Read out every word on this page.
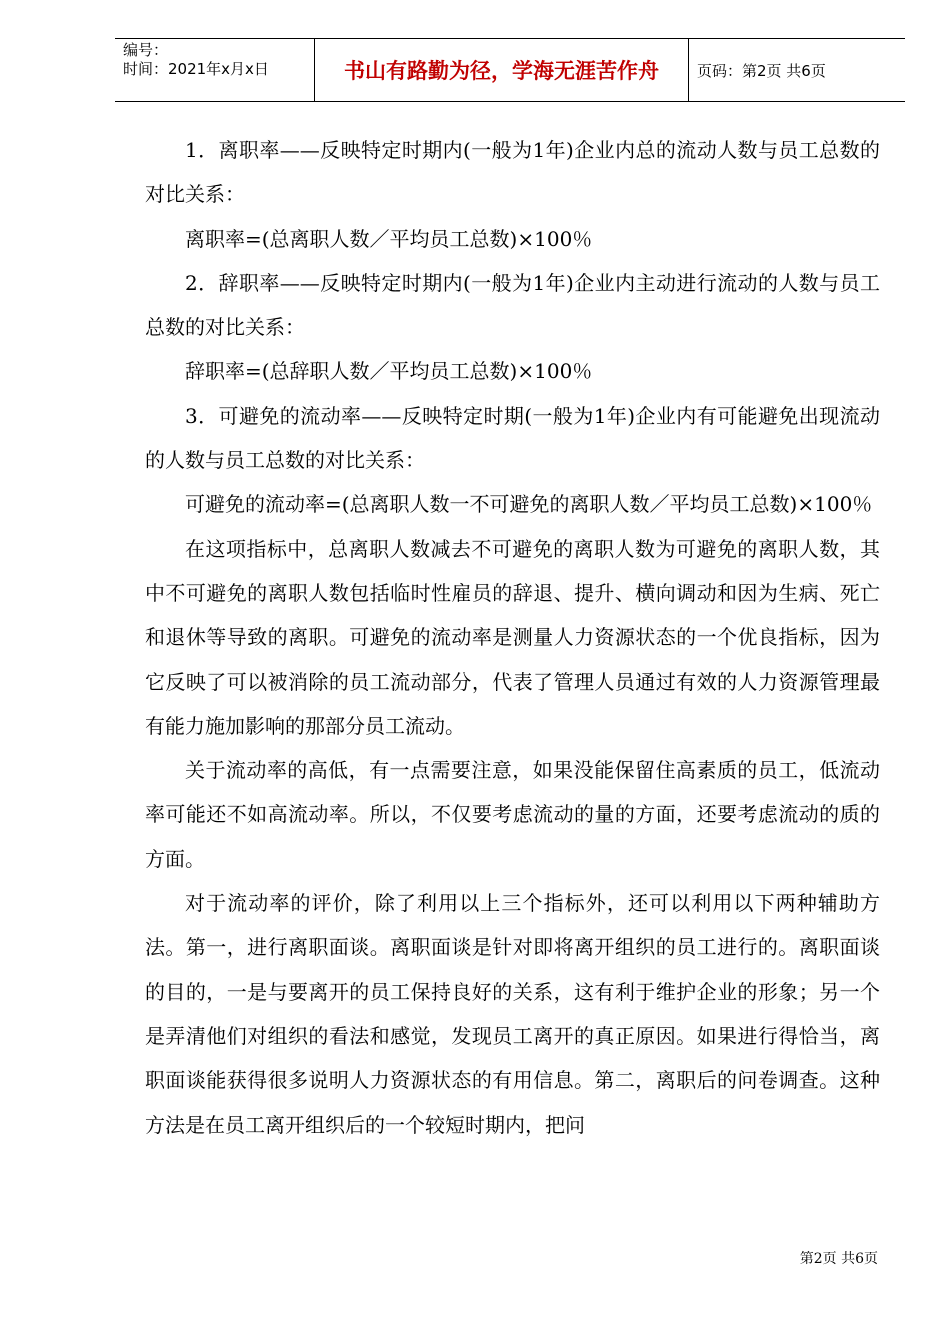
编号：
时间：2021年x月x日	书山有路勤为径，学海无涯苦作舟	页码：第2页 共6页

1．离职率——反映特定时期内(一般为1年)企业内总的流动人数与员工总数的对比关系：

离职率=(总离职人数／平均员工总数)×100％

2．辞职率——反映特定时期内(一般为1年)企业内主动进行流动的人数与员工总数的对比关系：

辞职率=(总辞职人数／平均员工总数)×100％

3．可避免的流动率——反映特定时期(一般为1年)企业内有可能避免出现流动的人数与员工总数的对比关系：

可避免的流动率=(总离职人数一不可避免的离职人数／平均员工总数)×100％

在这项指标中，总离职人数减去不可避免的离职人数为可避免的离职人数，其中不可避免的离职人数包括临时性雇员的辞退、提升、横向调动和因为生病、死亡和退休等导致的离职。可避免的流动率是测量人力资源状态的一个优良指标，因为它反映了可以被消除的员工流动部分，代表了管理人员通过有效的人力资源管理最有能力施加影响的那部分员工流动。

关于流动率的高低，有一点需要注意，如果没能保留住高素质的员工，低流动率可能还不如高流动率。所以，不仅要考虑流动的量的方面，还要考虑流动的质的方面。

对于流动率的评价，除了利用以上三个指标外，还可以利用以下两种辅助方法。第一，进行离职面谈。离职面谈是针对即将离开组织的员工进行的。离职面谈的目的，一是与要离开的员工保持良好的关系，这有利于维护企业的形象；另一个是弄清他们对组织的看法和感觉，发现员工离开的真正原因。如果进行得恰当，离职面谈能获得很多说明人力资源状态的有用信息。第二，离职后的问卷调查。这种方法是在员工离开组织后的一个较短时期内，把问

第2页 共6页
